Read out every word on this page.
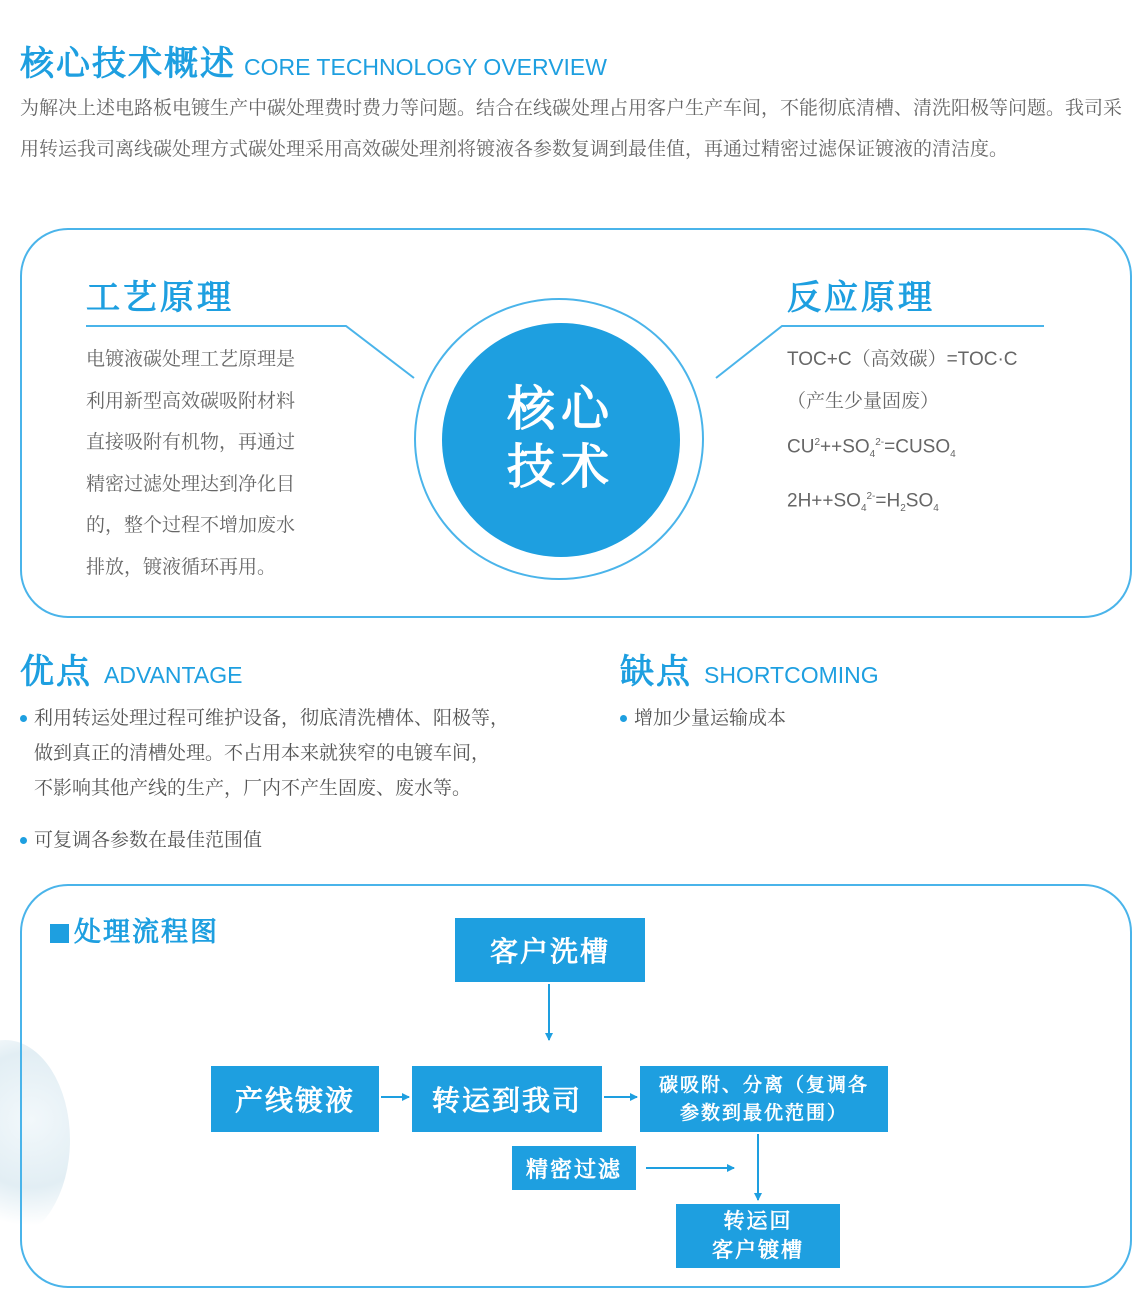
核心技术概述 CORE TECHNOLOGY OVERVIEW
为解决上述电路板电镀生产中碳处理费时费力等问题。结合在线碳处理占用客户生产车间，不能彻底清槽、清洗阳极等问题。我司采用转运我司离线碳处理方式碳处理采用高效碳处理剂将镀液各参数复调到最佳值，再通过精密过滤保证镀液的清洁度。
工艺原理	反应原理
电镀液碳处理工艺原理是
利用新型高效碳吸附材料
直接吸附有机物，再通过
精密过滤处理达到净化目
的，整个过程不增加废水
排放，镀液循环再用。
核心
技术
TOC+C（高效碳）=TOC·C
（产生少量固废）
$CU^2++SO_4^{2-}=CUSO_4$
$2H++SO_4^{2-}=H_2SO_4$
优点 ADVANTAGE	缺点 SHORTCOMING
利用转运处理过程可维护设备，彻底清洗槽体、阳极等，
做到真正的清槽处理。不占用本来就狭窄的电镀车间，
不影响其他产线的生产，厂内不产生固废、废水等。
可复调各参数在最佳范围值
增加少量运输成本
处理流程图
客户洗槽
产线镀液	转运到我司	碳吸附、分离（复调各
参数到最优范围）
精密过滤
转运回
客户镀槽
